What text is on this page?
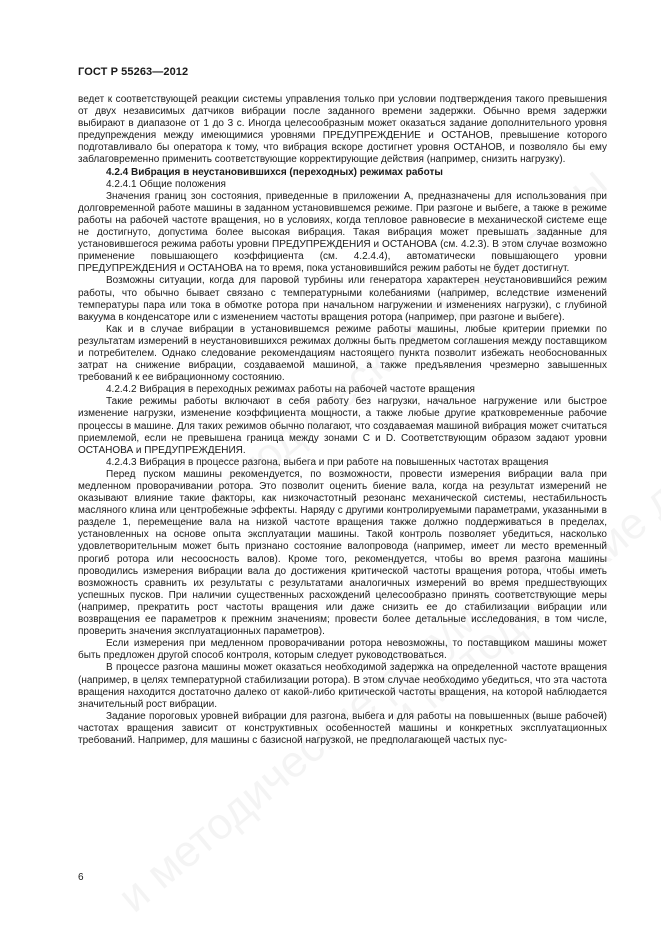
ГОСТ Р 55263—2012

ведет к соответствующей реакции системы управления только при условии подтверждения такого превышения от двух независимых датчиков вибрации после заданного времени задержки. Обычно время задержки выбирают в диапазоне от 1 до 3 с. Иногда целесообразным может оказаться задание дополнительного уровня предупреждения между имеющимися уровнями ПРЕДУПРЕЖДЕНИЕ и ОСТАНОВ, превышение которого подготавливало бы оператора к тому, что вибрация вскоре достигнет уровня ОСТАНОВ, и позволяло бы ему заблаговременно применить соответствующие корректирующие действия (например, снизить нагрузку).

4.2.4 Вибрация в неустановившихся (переходных) режимах работы

4.2.4.1 Общие положения

Значения границ зон состояния, приведенные в приложении А, предназначены для использования при долговременной работе машины в заданном установившемся режиме. При разгоне и выбеге, а также в режиме работы на рабочей частоте вращения, но в условиях, когда тепловое равновесие в механической системе еще не достигнуто, допустима более высокая вибрация. Такая вибрация может превышать заданные для установившегося режима работы уровни ПРЕДУПРЕЖДЕНИЯ и ОСТАНОВА (см. 4.2.3). В этом случае возможно применение повышающего коэффициента (см. 4.2.4.4), автоматически повышающего уровни ПРЕДУПРЕЖДЕНИЯ и ОСТАНОВА на то время, пока установившийся режим работы не будет достигнут.

Возможны ситуации, когда для паровой турбины или генератора характерен неустановившийся режим работы, что обычно бывает связано с температурными колебаниями (например, вследствие изменений температуры пара или тока в обмотке ротора при начальном нагружении и изменениях нагрузки), с глубиной вакуума в конденсаторе или с изменением частоты вращения ротора (например, при разгоне и выбеге).

Как и в случае вибрации в установившемся режиме работы машины, любые критерии приемки по результатам измерений в неустановившихся режимах должны быть предметом соглашения между поставщиком и потребителем. Однако следование рекомендациям настоящего пункта позволит избежать необоснованных затрат на снижение вибрации, создаваемой машиной, а также предъявления чрезмерно завышенных требований к ее вибрационному состоянию.

4.2.4.2 Вибрация в переходных режимах работы на рабочей частоте вращения

Такие режимы работы включают в себя работу без нагрузки, начальное нагружение или быстрое изменение нагрузки, изменение коэффициента мощности, а также любые другие кратковременные рабочие процессы в машине. Для таких режимов обычно полагают, что создаваемая машиной вибрация может считаться приемлемой, если не превышена граница между зонами С и D. Соответствующим образом задают уровни ОСТАНОВА и ПРЕДУПРЕЖДЕНИЯ.

4.2.4.3 Вибрация в процессе разгона, выбега и при работе на повышенных частотах вращения

Перед пуском машины рекомендуется, по возможности, провести измерения вибрации вала при медленном проворачивании ротора. Это позволит оценить биение вала, когда на результат измерений не оказывают влияние такие факторы, как низкочастотный резонанс механической системы, нестабильность масляного клина или центробежные эффекты. Наряду с другими контролируемыми параметрами, указанными в разделе 1, перемещение вала на низкой частоте вращения также должно поддерживаться в пределах, установленных на основе опыта эксплуатации машины. Такой контроль позволяет убедиться, насколько удовлетворительным может быть признано состояние валопровода (например, имеет ли место временный прогиб ротора или несоосность валов). Кроме того, рекомендуется, чтобы во время разгона машины проводились измерения вибрации вала до достижения критической частоты вращения ротора, чтобы иметь возможность сравнить их результаты с результатами аналогичных измерений во время предшествующих успешных пусков. При наличии существенных расхождений целесообразно принять соответствующие меры (например, прекратить рост частоты вращения или даже снизить ее до стабилизации вибрации или возвращения ее параметров к прежним значениям; провести более детальные исследования, в том числе, проверить значения эксплуатационных параметров).

Если измерения при медленном проворачивании ротора невозможны, то поставщиком машины может быть предложен другой способ контроля, которым следует руководствоваться.

В процессе разгона машины может оказаться необходимой задержка на определенной частоте вращения (например, в целях температурной стабилизации ротора). В этом случае необходимо убедиться, что эта частота вращения находится достаточно далеко от какой-либо критической частоты вращения, на которой наблюдается значительный рост вибрации.

Задание пороговых уровней вибрации для разгона, выбега и для работы на повышенных (выше рабочей) частотах вращения зависит от конструктивных особенностей машины и конкретных эксплуатационных требований. Например, для машины с базисной нагрузкой, не предполагающей частых пус-

6
